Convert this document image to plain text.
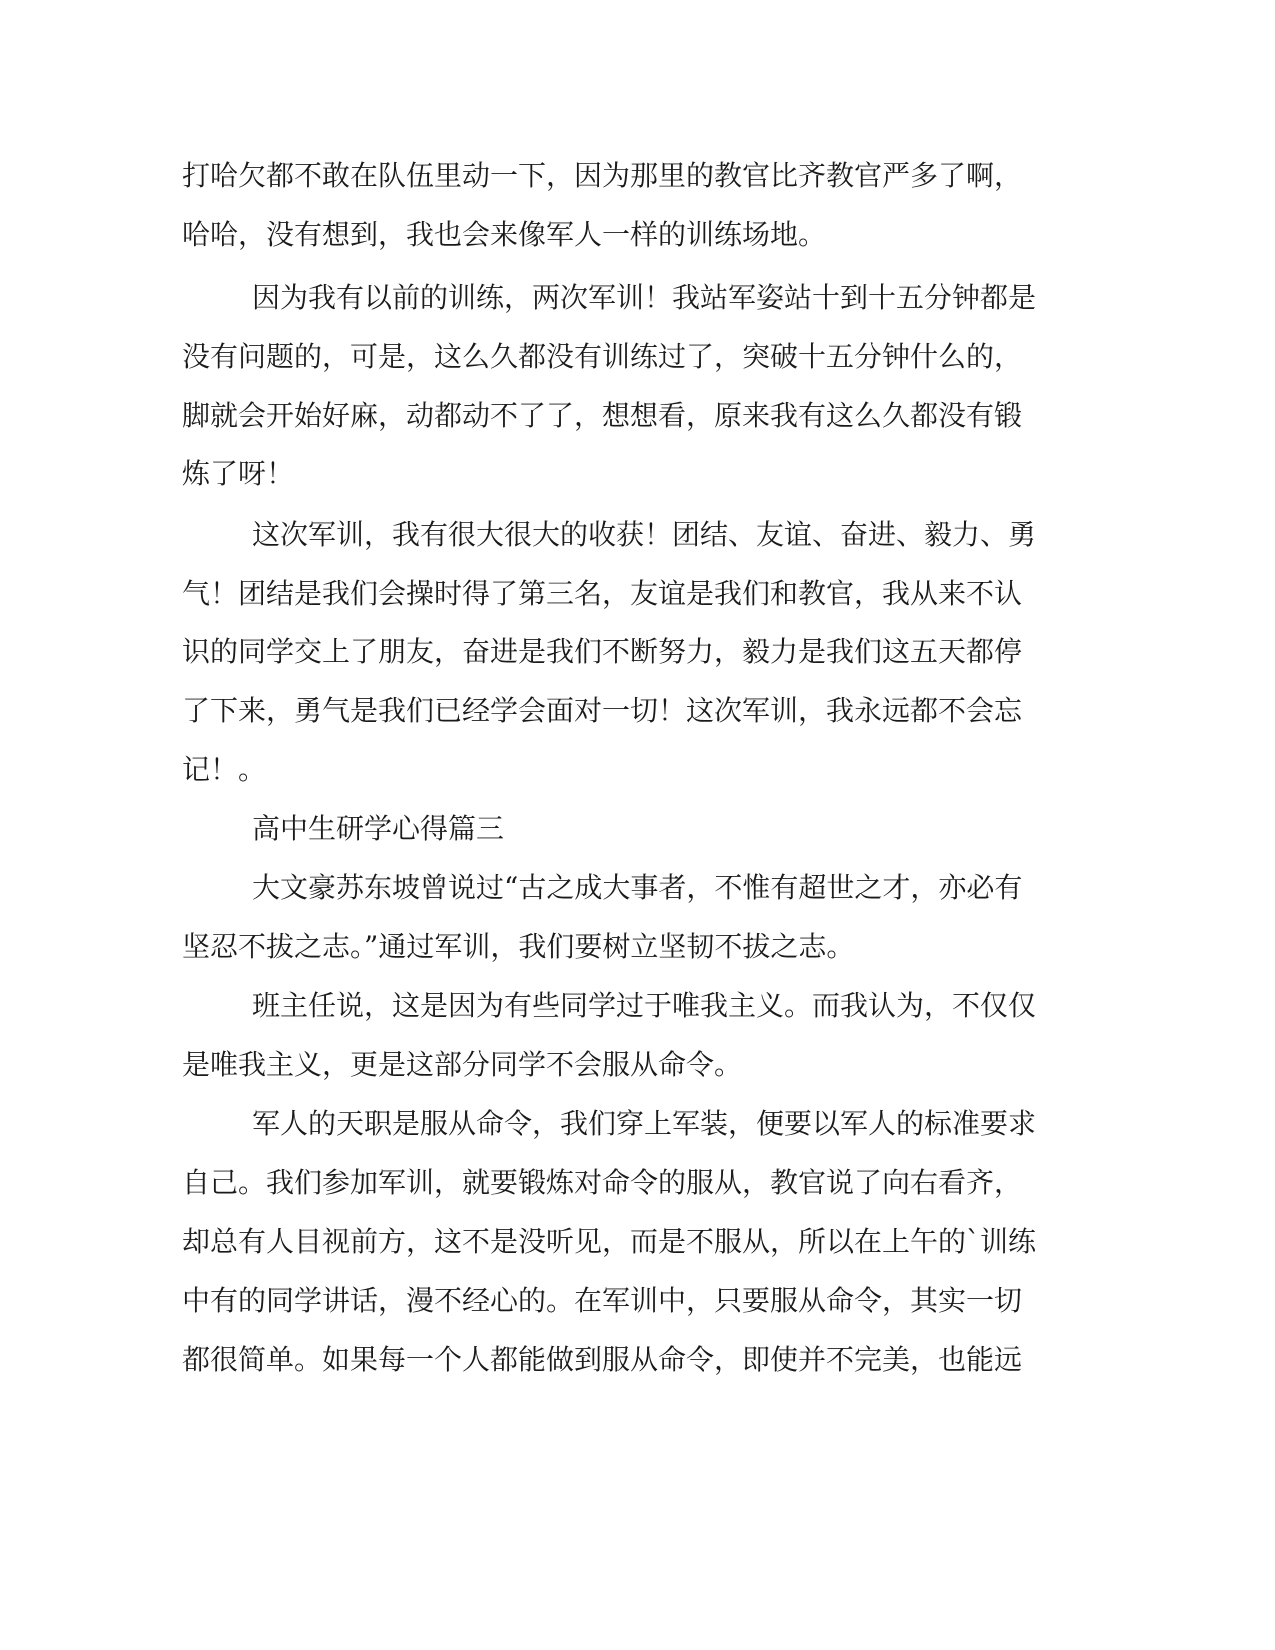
打哈欠都不敢在队伍里动一下，因为那里的教官比齐教官严多了啊，
哈哈，没有想到，我也会来像军人一样的训练场地。
因为我有以前的训练，两次军训！我站军姿站十到十五分钟都是
没有问题的，可是，这么久都没有训练过了，突破十五分钟什么的，
脚就会开始好麻，动都动不了了，想想看，原来我有这么久都没有锻
炼了呀！
这次军训，我有很大很大的收获！团结、友谊、奋进、毅力、勇
气！团结是我们会操时得了第三名，友谊是我们和教官，我从来不认
识的同学交上了朋友，奋进是我们不断努力，毅力是我们这五天都停
了下来，勇气是我们已经学会面对一切！这次军训，我永远都不会忘
记！。
高中生研学心得篇三
大文豪苏东坡曾说过“古之成大事者，不惟有超世之才，亦必有
坚忍不拔之志。”通过军训，我们要树立坚韧不拔之志。
班主任说，这是因为有些同学过于唯我主义。而我认为，不仅仅
是唯我主义，更是这部分同学不会服从命令。
军人的天职是服从命令，我们穿上军装，便要以军人的标准要求
自己。我们参加军训，就要锻炼对命令的服从，教官说了向右看齐，
却总有人目视前方，这不是没听见，而是不服从，所以在上午的`训练
中有的同学讲话，漫不经心的。在军训中，只要服从命令，其实一切
都很简单。如果每一个人都能做到服从命令，即使并不完美，也能远
